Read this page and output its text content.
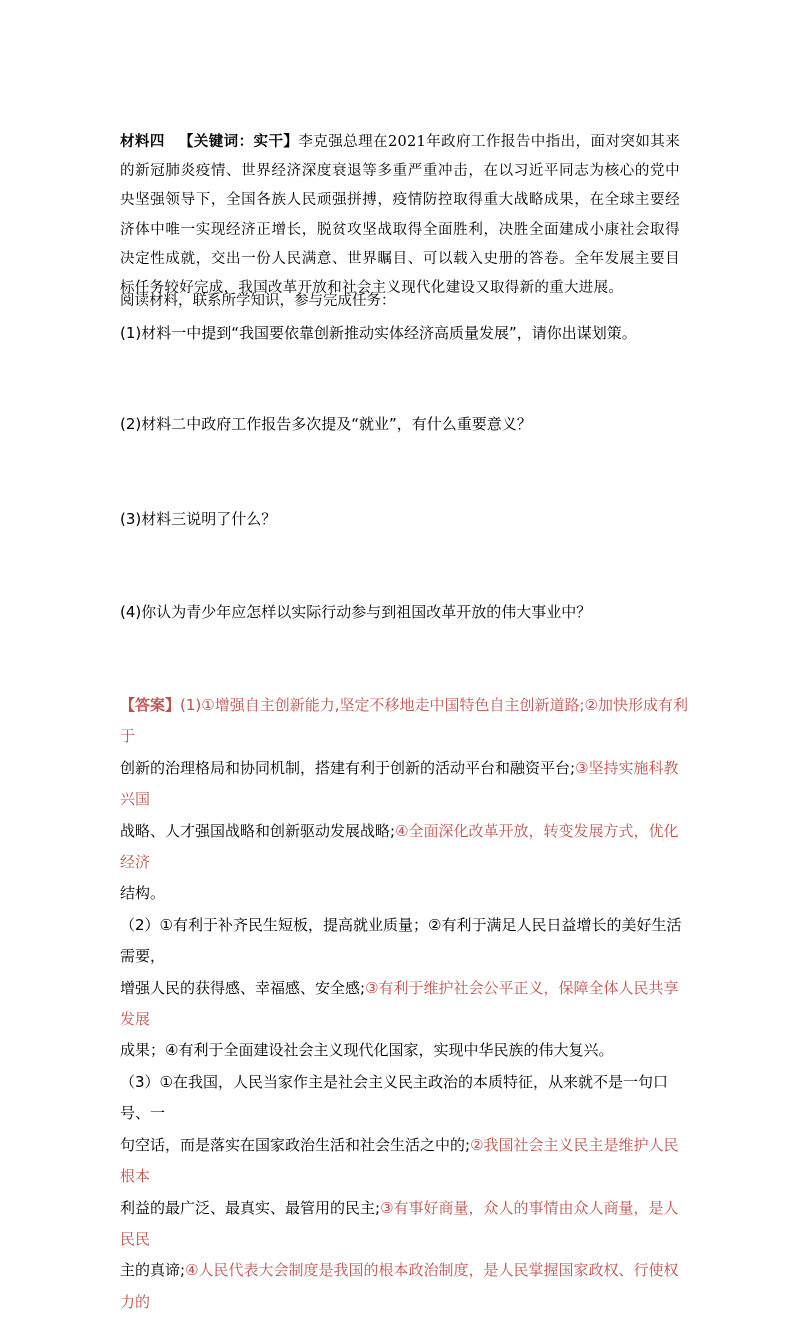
材料四 【关键词：实干】李克强总理在2021年政府工作报告中指出，面对突如其来的新冠肺炎疫情、世界经济深度衰退等多重严重冲击，在以习近平同志为核心的党中央坚强领导下，全国各族人民顽强拼搏，疫情防控取得重大战略成果，在全球主要经济体中唯一实现经济正增长，脱贫攻坚战取得全面胜利，决胜全面建成小康社会取得决定性成就，交出一份人民满意、世界瞩目、可以载入史册的答卷。全年发展主要目标任务较好完成，我国改革开放和社会主义现代化建设又取得新的重大进展。

阅读材料，联系所学知识，参与完成任务：
(1)材料一中提到“我国要依靠创新推动实体经济高质量发展”，请你出谋划策。
(2)材料二中政府工作报告多次提及“就业”，有什么重要意义？
(3)材料三说明了什么？
(4)你认为青少年应怎样以实际行动参与到祖国改革开放的伟大事业中？

【答案】(1)①增强自主创新能力,坚定不移地走中国特色自主创新道路;②加快形成有利于

创新的治理格局和协同机制，搭建有利于创新的活动平台和融资平台;③坚持实施科教兴国

战略、人才强国战略和创新驱动发展战略;④全面深化改革开放，转变发展方式，优化经济

结构。

（2）①有利于补齐民生短板，提高就业质量；②有利于满足人民日益增长的美好生活需要，

增强人民的获得感、幸福感、安全感;③有利于维护社会公平正义，保障全体人民共享发展

成果；④有利于全面建设社会主义现代化国家，实现中华民族的伟大复兴。

（3）①在我国，人民当家作主是社会主义民主政治的本质特征，从来就不是一句口号、一

句空话，而是落实在国家政治生活和社会生活之中的;②我国社会主义民主是维护人民根本

利益的最广泛、最真实、最管用的民主;③有事好商量，众人的事情由众人商量，是人民民

主的真谛;④人民代表大会制度是我国的根本政治制度，是人民掌握国家政权、行使权力的
